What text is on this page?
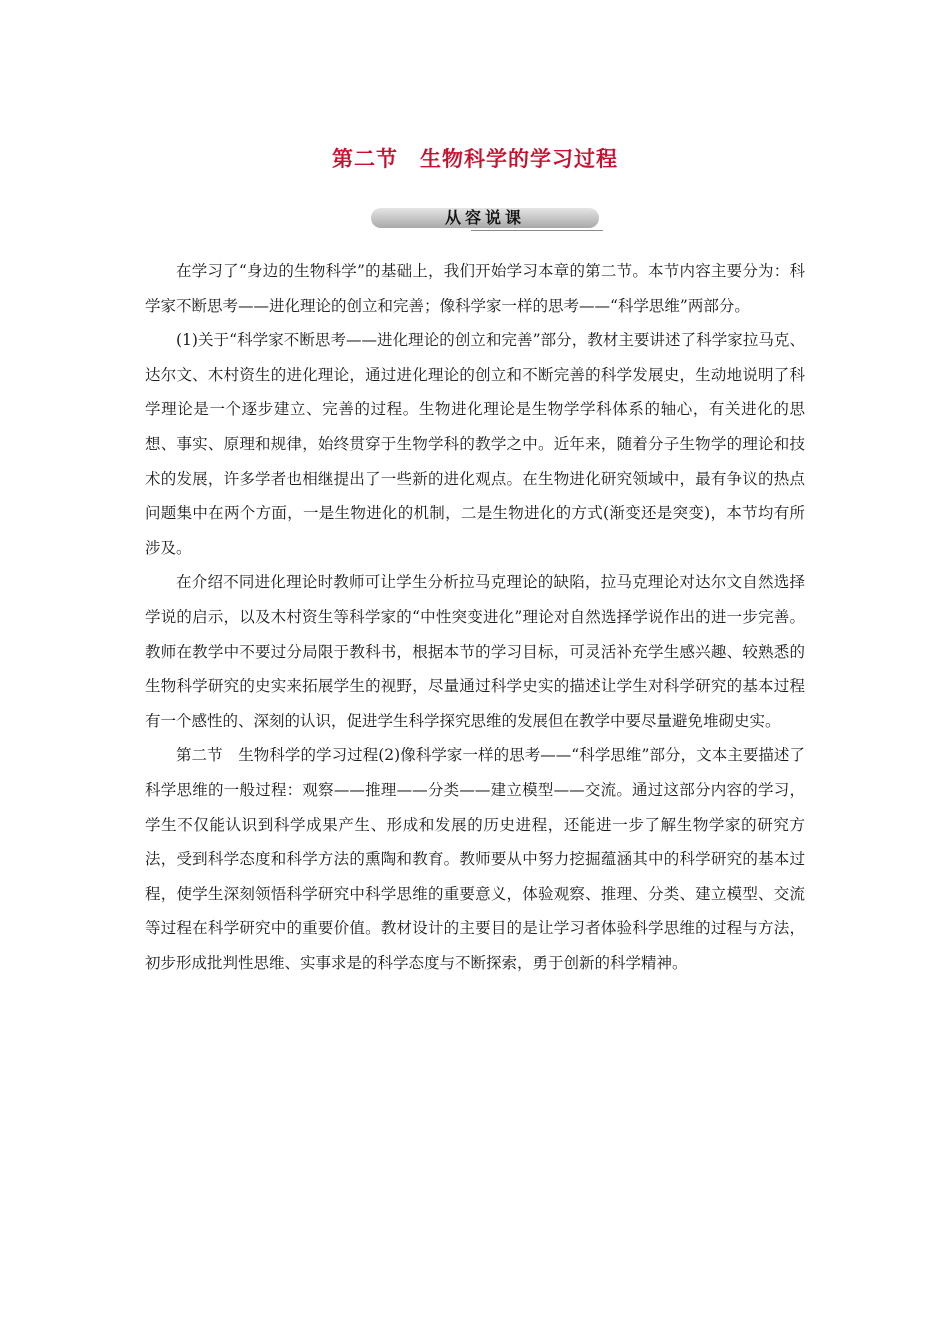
第二节　生物科学的学习过程
从容说课

在学习了“身边的生物科学”的基础上，我们开始学习本章的第二节。本节内容主要分为：科学家不断思考——进化理论的创立和完善；像科学家一样的思考——“科学思维”两部分。

(1)关于“科学家不断思考——进化理论的创立和完善”部分，教材主要讲述了科学家拉马克、达尔文、木村资生的进化理论，通过进化理论的创立和不断完善的科学发展史，生动地说明了科学理论是一个逐步建立、完善的过程。生物进化理论是生物学学科体系的轴心，有关进化的思想、事实、原理和规律，始终贯穿于生物学科的教学之中。近年来，随着分子生物学的理论和技术的发展，许多学者也相继提出了一些新的进化观点。在生物进化研究领域中，最有争议的热点问题集中在两个方面，一是生物进化的机制，二是生物进化的方式(渐变还是突变)，本节均有所涉及。

在介绍不同进化理论时教师可让学生分析拉马克理论的缺陷，拉马克理论对达尔文自然选择学说的启示，以及木村资生等科学家的“中性突变进化”理论对自然选择学说作出的进一步完善。教师在教学中不要过分局限于教科书，根据本节的学习目标，可灵活补充学生感兴趣、较熟悉的生物科学研究的史实来拓展学生的视野，尽量通过科学史实的描述让学生对科学研究的基本过程有一个感性的、深刻的认识，促进学生科学探究思维的发展但在教学中要尽量避免堆砌史实。

第二节　生物科学的学习过程(2)像科学家一样的思考——“科学思维”部分，文本主要描述了科学思维的一般过程：观察——推理——分类——建立模型——交流。通过这部分内容的学习，学生不仅能认识到科学成果产生、形成和发展的历史进程，还能进一步了解生物学家的研究方法，受到科学态度和科学方法的熏陶和教育。教师要从中努力挖掘蕴涵其中的科学研究的基本过程，使学生深刻领悟科学研究中科学思维的重要意义，体验观察、推理、分类、建立模型、交流等过程在科学研究中的重要价值。教材设计的主要目的是让学习者体验科学思维的过程与方法，初步形成批判性思维、实事求是的科学态度与不断探索，勇于创新的科学精神。
